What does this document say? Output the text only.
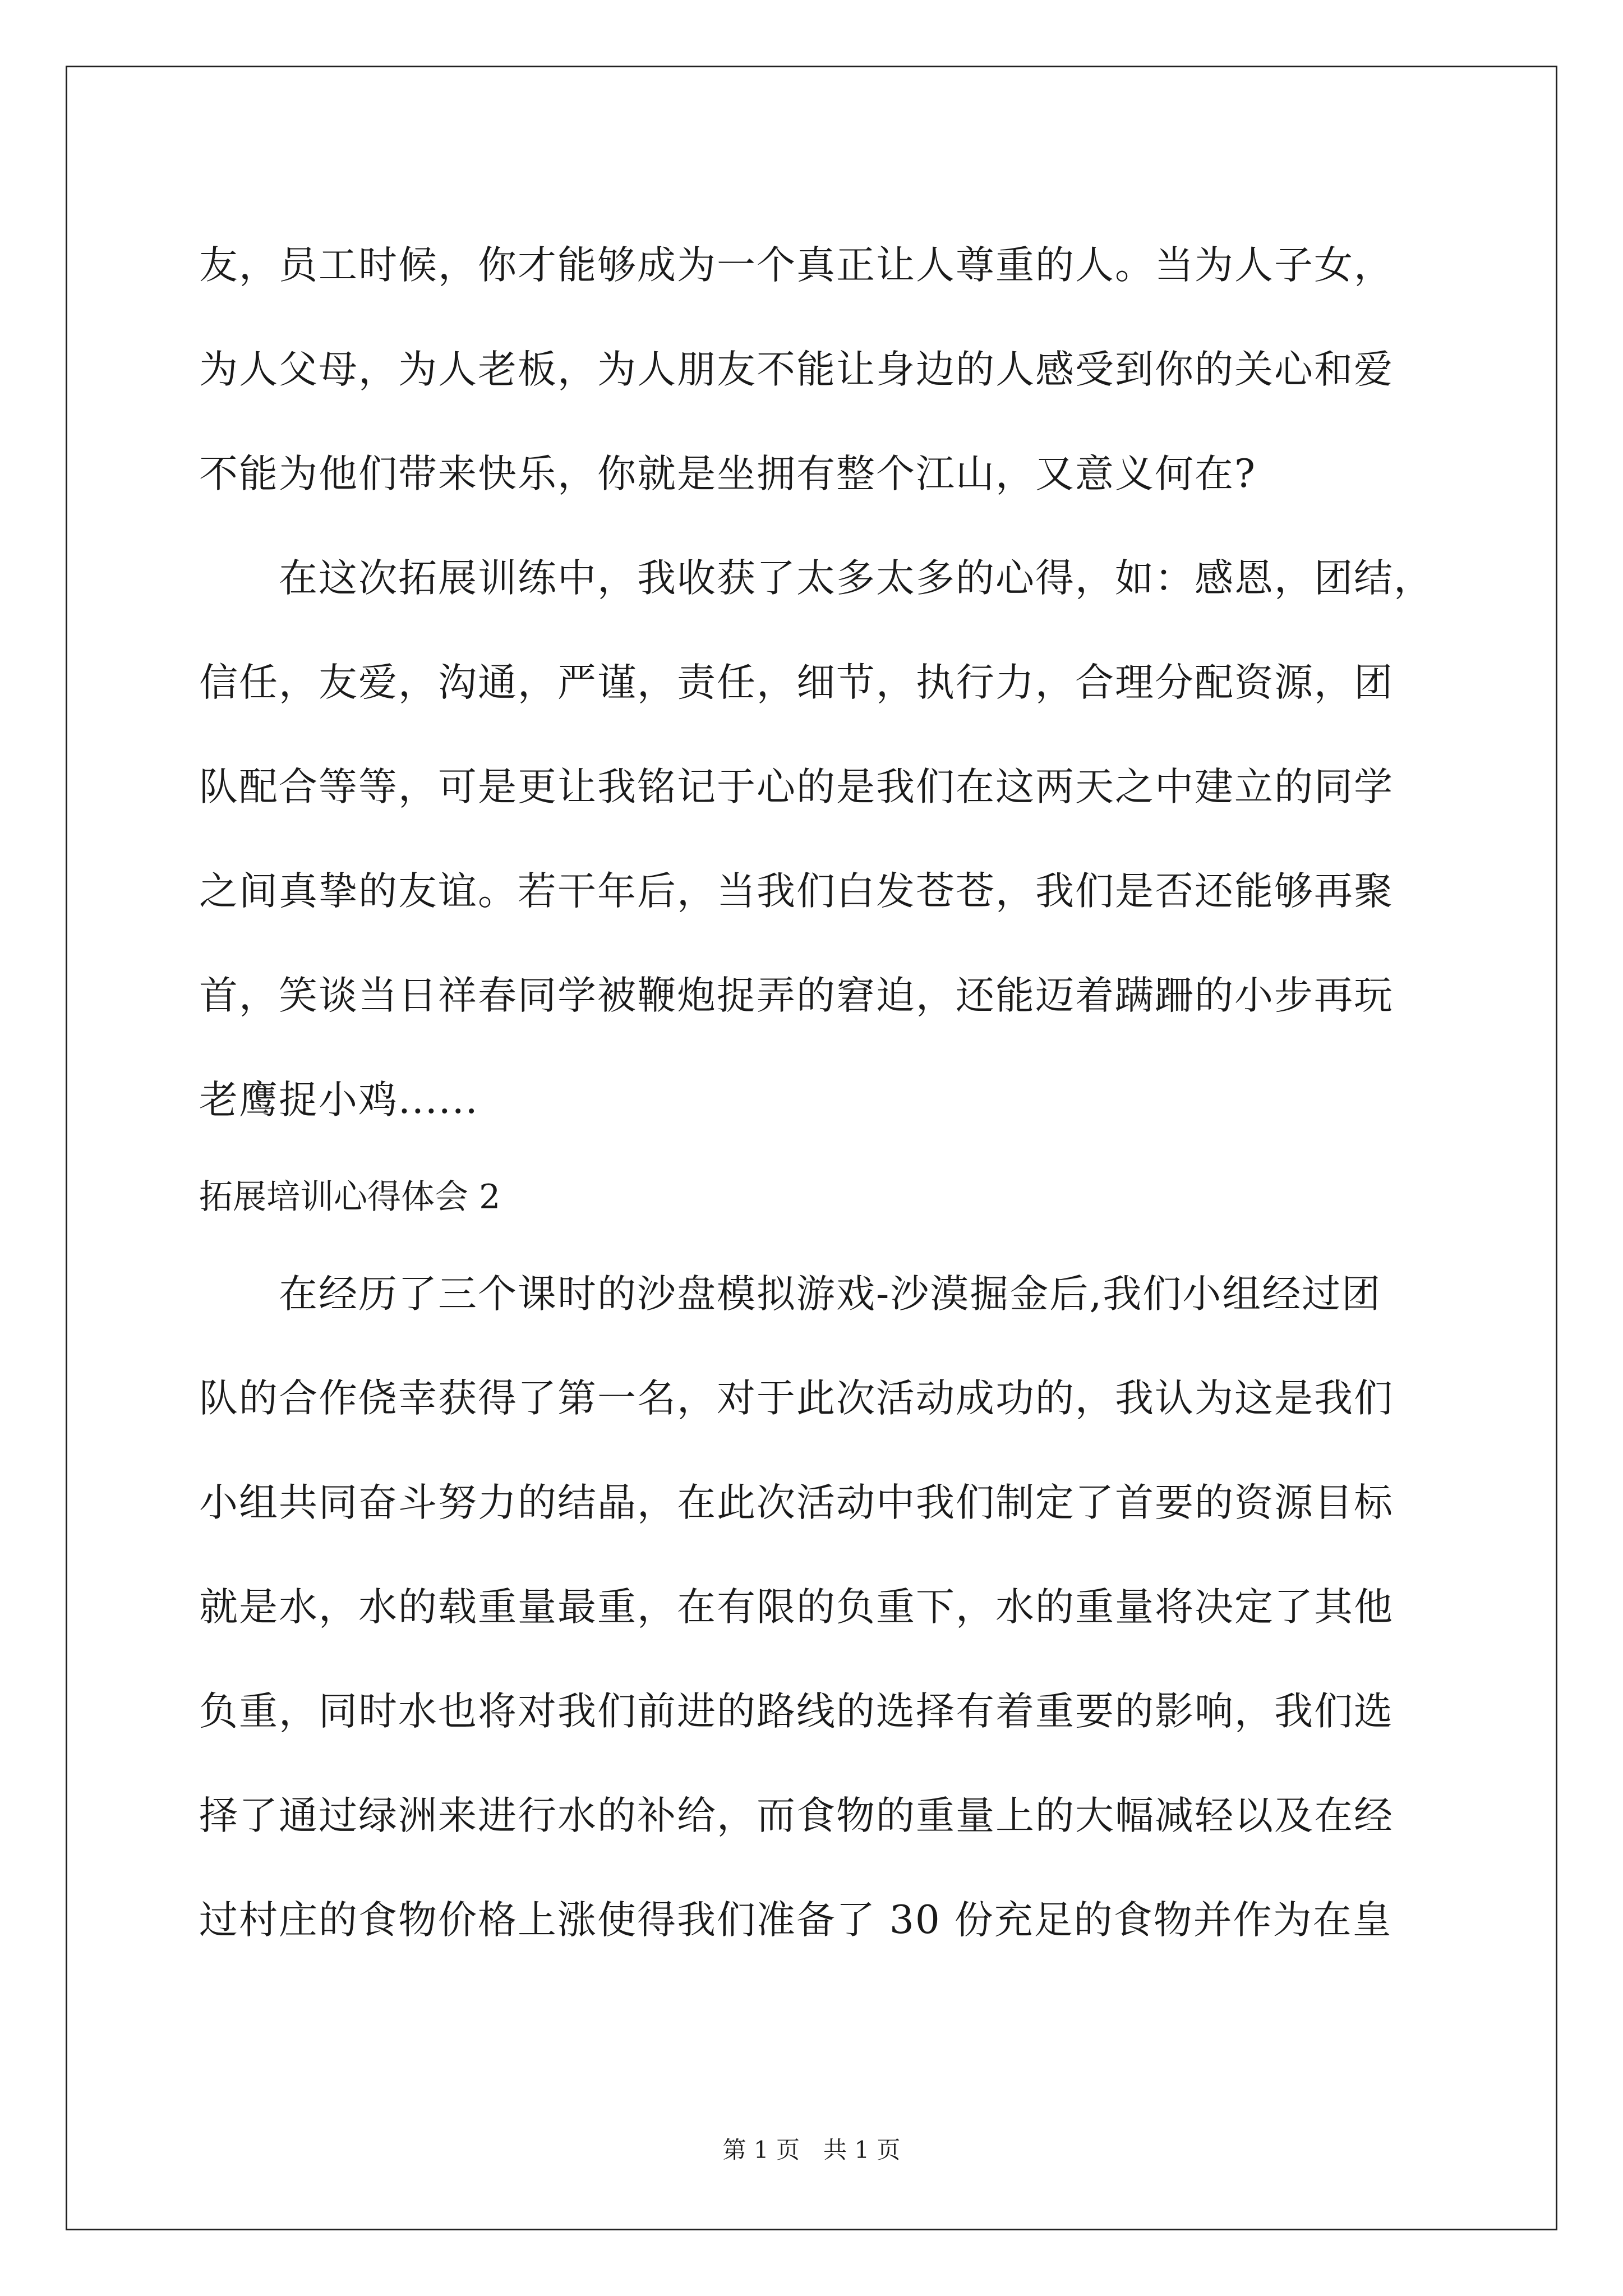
友，员工时候，你才能够成为一个真正让人尊重的人。当为人子女，
为人父母，为人老板，为人朋友不能让身边的人感受到你的关心和爱
不能为他们带来快乐，你就是坐拥有整个江山，又意义何在?
　　在这次拓展训练中，我收获了太多太多的心得，如：感恩，团结，
信任，友爱，沟通，严谨，责任，细节，执行力，合理分配资源，团
队配合等等，可是更让我铭记于心的是我们在这两天之中建立的同学
之间真挚的友谊。若干年后，当我们白发苍苍，我们是否还能够再聚
首，笑谈当日祥春同学被鞭炮捉弄的窘迫，还能迈着蹒跚的小步再玩
老鹰捉小鸡......
拓展培训心得体会 2
　　在经历了三个课时的沙盘模拟游戏-沙漠掘金后,我们小组经过团
队的合作侥幸获得了第一名，对于此次活动成功的，我认为这是我们
小组共同奋斗努力的结晶，在此次活动中我们制定了首要的资源目标
就是水，水的载重量最重，在有限的负重下，水的重量将决定了其他
负重，同时水也将对我们前进的路线的选择有着重要的影响，我们选
择了通过绿洲来进行水的补给，而食物的重量上的大幅减轻以及在经
过村庄的食物价格上涨使得我们准备了 30 份充足的食物并作为在皇
第 1 页　共 1 页
